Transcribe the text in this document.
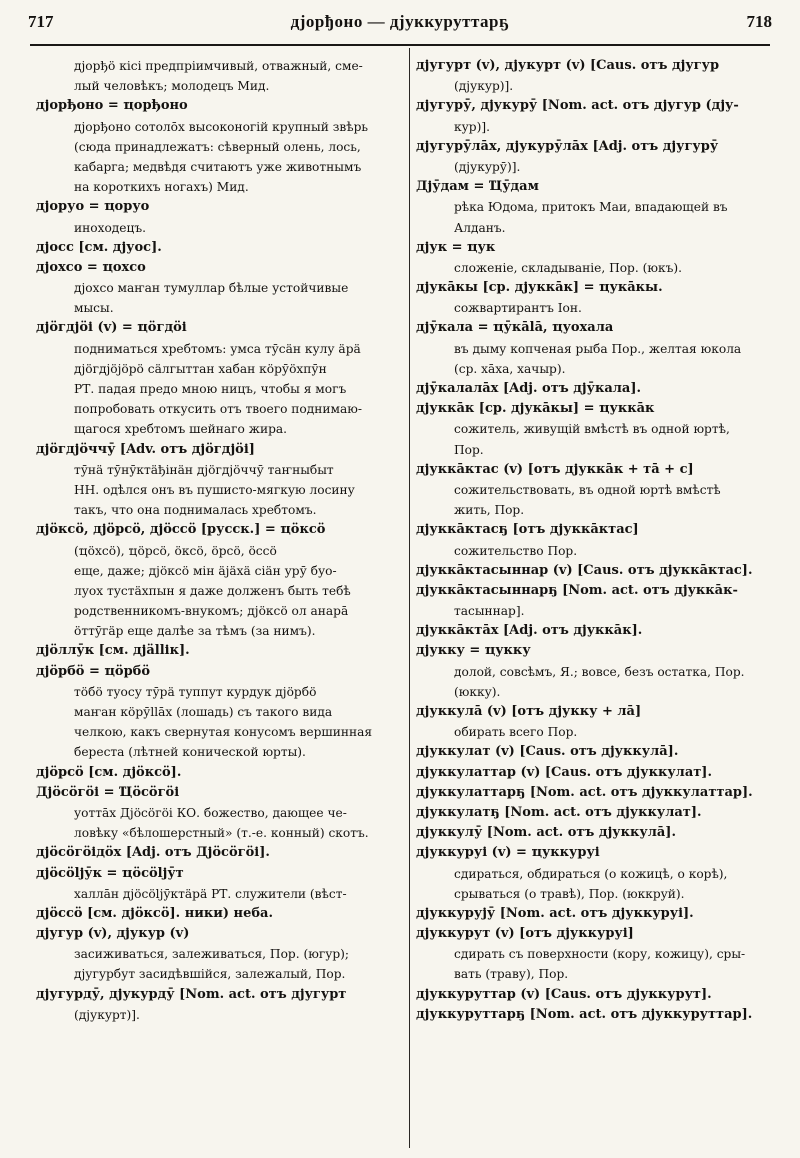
717	дјорђоно — дјуккуруттарҕ	718
дјорђ‌ö кісі предпріимчивый, отважный, сме-
лый человѣкъ; молодецъ Мид.
дјорђоно = ҵорђоно
дјорђоно сотолōх высоконогій крупный звѣрь
(сюда принадлежатъ: сѣверный олень, лось,
кабарга; медвѣдя считаютъ уже животнымъ
на короткихъ ногахъ) Мид.
дјоруо = ҵоруо
иноходецъ.
дјосс [см. дјуос].
дјохсо = ҵохсо
дјохсо маҥан тумуллар бѣлые устойчивые
мысы.
дјöгдјöі (v) = ҵöгдöі
подниматься хребтомъ: умса тӯсäн кулу äрä
дјöгдјöјöрö сäлгыттан хабан кöрӯöхпӯн
РТ. падая предо мною ницъ, чтобы я могъ
попробовать откусить отъ твоего поднимаю-
щагося хребтомъ шейнаго жира.
дјöгдјöччӯ [Adv. отъ дјöгдјöі]
тӯнä тӯнӯктäђінäн дјöгдјöччӯ таҥныбыт
НН. одѣлся онъ въ пушисто-мягкую лосину
такъ, что она поднималась хребтомъ.
дјöксö, дјöрсö, дјöссö [русск.] = ҵöксö
(ҵöхсö), ҵöрсö, öксö, öрсö, öссö
еще, даже; дјöксö мін äјäхä сіäн урӯ буо-
луох тустäхпын я даже долженъ быть тебѣ
родственникомъ-внукомъ; дјöксö ол анарā
öттӯгäр еще далѣе за тѣмъ (за нимъ).
дјöллӯк [см. дјällік].
дјöрбö = ҵöрбö
тöбö туосу тӯрä туппут курдук дјöрбö
маҥан кöрӯllāх (лошадь) съ такого вида
челкою, какъ свернутая конусомъ вершинная
береста (лѣтней конической юрты).
дјöрсö [см. дјöксö].
Дјöсöгöі = Ҵöсöгöі
уоттāх Дјöсöгöі КО. божество, дающее че-
ловѣку «бѣлошерстный» (т.-е. конный) скотъ.
дјöсöгöідӧх [Adj. отъ Дјöсöгöі].
дјöсölјӯк = ҵöсölјӯт
халлāн дјöсölјӯктäрä РТ. служители (вѣст-
дјöссö [см. дјöксö]. ники) неба.
дјугур (v), дјукур (v)
засиживаться, залеживаться, Пор. (югур);
дјугурбут засидѣвшійся, залежалый, Пор.
дјугурдӯ, дјукурдӯ [Nom. act. отъ дјугурт
(дјукурт)].
дјугурт (v), дјукурт (v) [Caus. отъ дјугур
(дјукур)].
дјугурӯ, дјукурӯ [Nom. act. отъ дјугур (дју-
кур)].
дјугурӯлāх, дјукурӯлāх [Adj. отъ дјугурӯ
(дјукурӯ)].
Дјӯдам = Ҵӯдам
рѣка Юдома, притокъ Маи, впадающей въ
Алданъ.
дјук = ҵук
сложеніе, складываніе, Пор. (юкъ).
дјукāкы [ср. дјуккāк] = ҵукāкы.
сожвартирантъ Іон.
дјӯкала = ҵӯкālā, ҵуохала
въ дыму копченая рыба Пор., желтая юкола
(ср. хāха, хачыр).
дјӯкалалāх [Adj. отъ дјӯкала].
дјуккāк [ср. дјукāкы] = ҵуккāк
сожитель, живущій вмѣстѣ въ одной юртѣ,
Пор.
дјуккāктас (v) [отъ дјуккāк + тā + с]
сожительствовать, въ одной юртѣ вмѣстѣ
жить, Пор.
дјуккāктасҕ [отъ дјуккāктас]
сожительство Пор.
дјуккāктасыннар (v) [Caus. отъ дјуккāктас].
дјуккāктасыннарҕ [Nom. act. отъ дјуккāк-
тасыннар].
дјуккāктāх [Adj. отъ дјуккāк].
дјукку = ҵукку
долой, совсѣмъ, Я.; вовсе, безъ остатка, Пор.
(юкку).
дјуккулā (v) [отъ дјукку + лā]
обирать всего Пор.
дјуккулат (v) [Caus. отъ дјуккулā].
дјуккулаттар (v) [Caus. отъ дјуккулат].
дјуккулаттарҕ [Nom. act. отъ дјуккулаттар].
дјуккулатҕ [Nom. act. отъ дјуккулат].
дјуккулӯ [Nom. act. отъ дјуккулā].
дјуккуруі (v) = ҵуккуруі
сдираться, обдираться (о кожицѣ, о корѣ),
срываться (о травѣ), Пор. (юккруй).
дјуккурујӯ [Nom. act. отъ дјуккуруі].
дјуккурут (v) [отъ дјуккуруі]
сдирать съ поверхности (кору, кожицу), сры-
вать (траву), Пор.
дјуккуруттар (v) [Caus. отъ дјуккурут].
дјуккуруттарҕ [Nom. act. отъ дјуккуруттар].
